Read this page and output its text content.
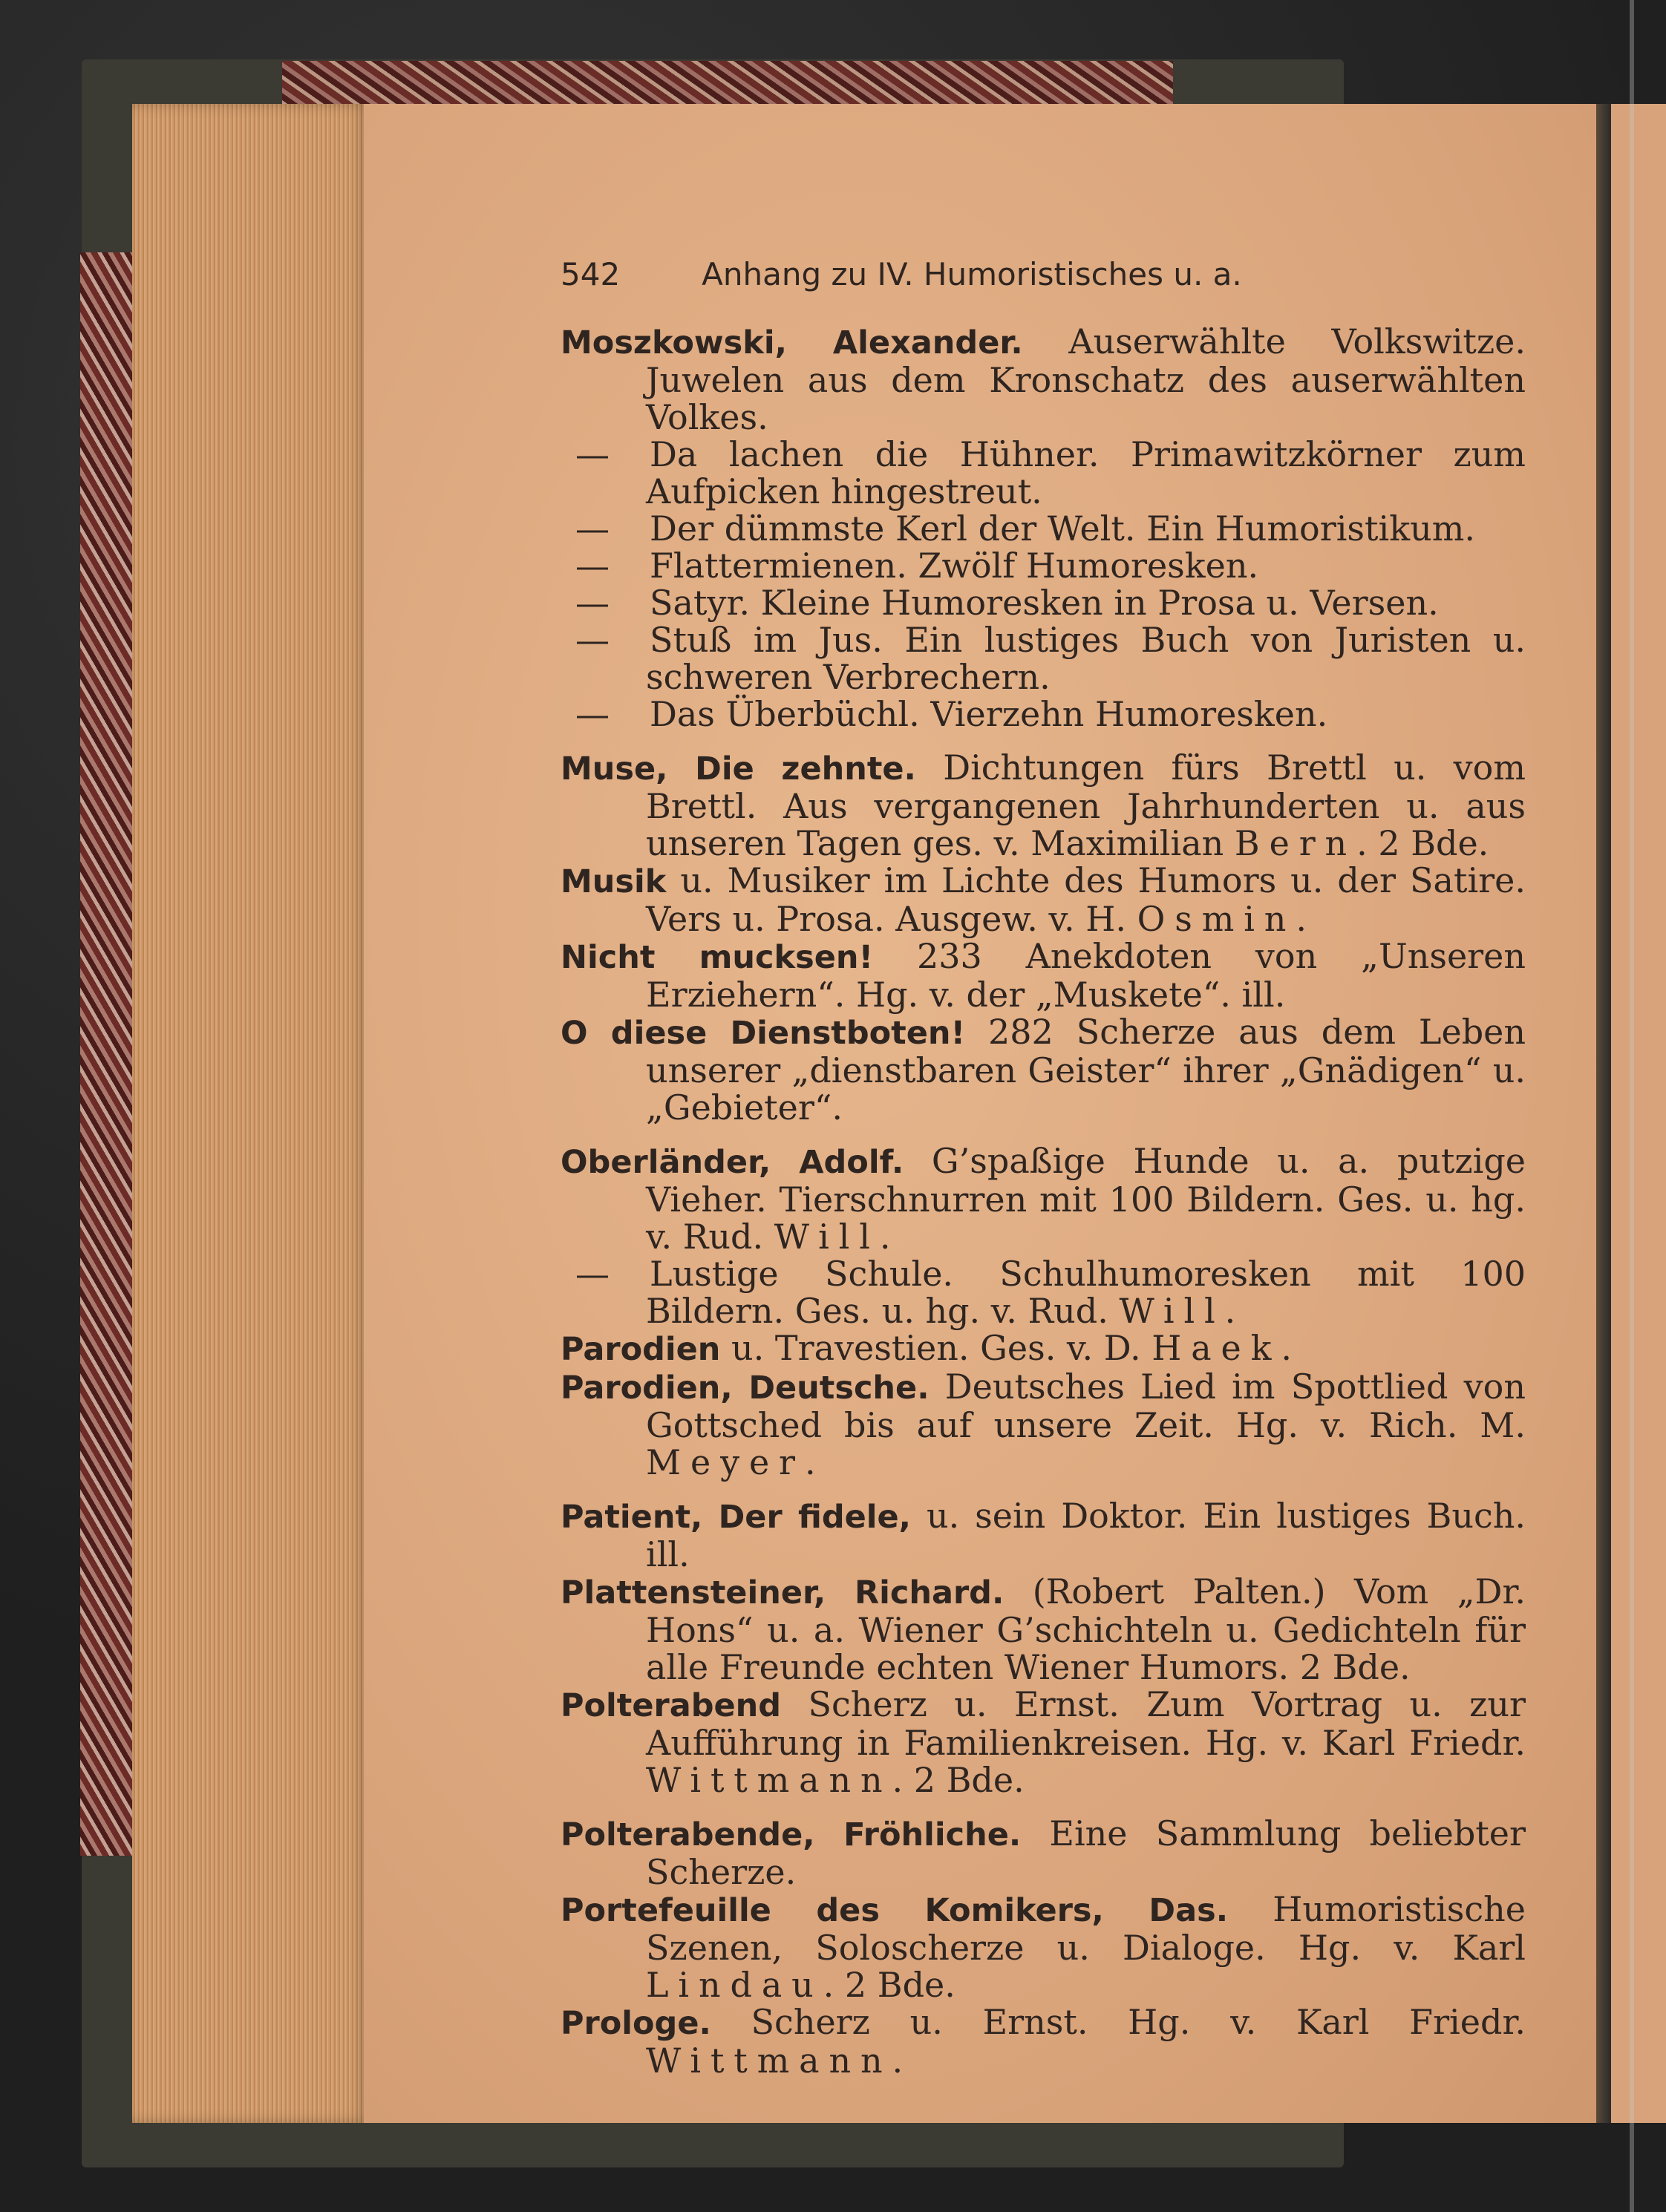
542	Anhang zu IV. Humoristisches u. a.

Moszkowski, Alexander. Auserwählte Volkswitze. Juwelen aus dem Kronschatz des auserwählten Volkes.

— Da lachen die Hühner. Primawitzkörner zum Aufpicken hingestreut.

— Der dümmste Kerl der Welt. Ein Humoristikum.

— Flattermienen. Zwölf Humoresken.

— Satyr. Kleine Humoresken in Prosa u. Versen.

— Stuß im Jus. Ein lustiges Buch von Juristen u. schweren Verbrechern.

— Das Überbüchl. Vierzehn Humoresken.

Muse, Die zehnte. Dichtungen fürs Brettl u. vom Brettl. Aus vergangenen Jahrhunderten u. aus unseren Tagen ges. v. Maximilian Bern. 2 Bde.

Musik u. Musiker im Lichte des Humors u. der Satire. Vers u. Prosa. Ausgew. v. H. Osmin.

Nicht mucksen! 233 Anekdoten von „Unseren Erziehern“. Hg. v. der „Muskete“. ill.

O diese Dienstboten! 282 Scherze aus dem Leben unserer „dienstbaren Geister“ ihrer „Gnädigen“ u. „Gebieter“.

Oberländer, Adolf. G’spaßige Hunde u. a. putzige Vieher. Tierschnurren mit 100 Bildern. Ges. u. hg. v. Rud. Will.

— Lustige Schule. Schulhumoresken mit 100 Bildern. Ges. u. hg. v. Rud. Will.

Parodien u. Travestien. Ges. v. D. Haek.

Parodien, Deutsche. Deutsches Lied im Spottlied von Gottsched bis auf unsere Zeit. Hg. v. Rich. M. Meyer.

Patient, Der fidele, u. sein Doktor. Ein lustiges Buch. ill.

Plattensteiner, Richard. (Robert Palten.) Vom „Dr. Hons“ u. a. Wiener G’schichteln u. Gedichteln für alle Freunde echten Wiener Humors. 2 Bde.

Polterabend Scherz u. Ernst. Zum Vortrag u. zur Aufführung in Familienkreisen. Hg. v. Karl Friedr. Wittmann. 2 Bde.

Polterabende, Fröhliche. Eine Sammlung beliebter Scherze.

Portefeuille des Komikers, Das. Humoristische Szenen, Soloscherze u. Dialoge. Hg. v. Karl Lindau. 2 Bde.

Prologe. Scherz u. Ernst. Hg. v. Karl Friedr. Wittmann.
